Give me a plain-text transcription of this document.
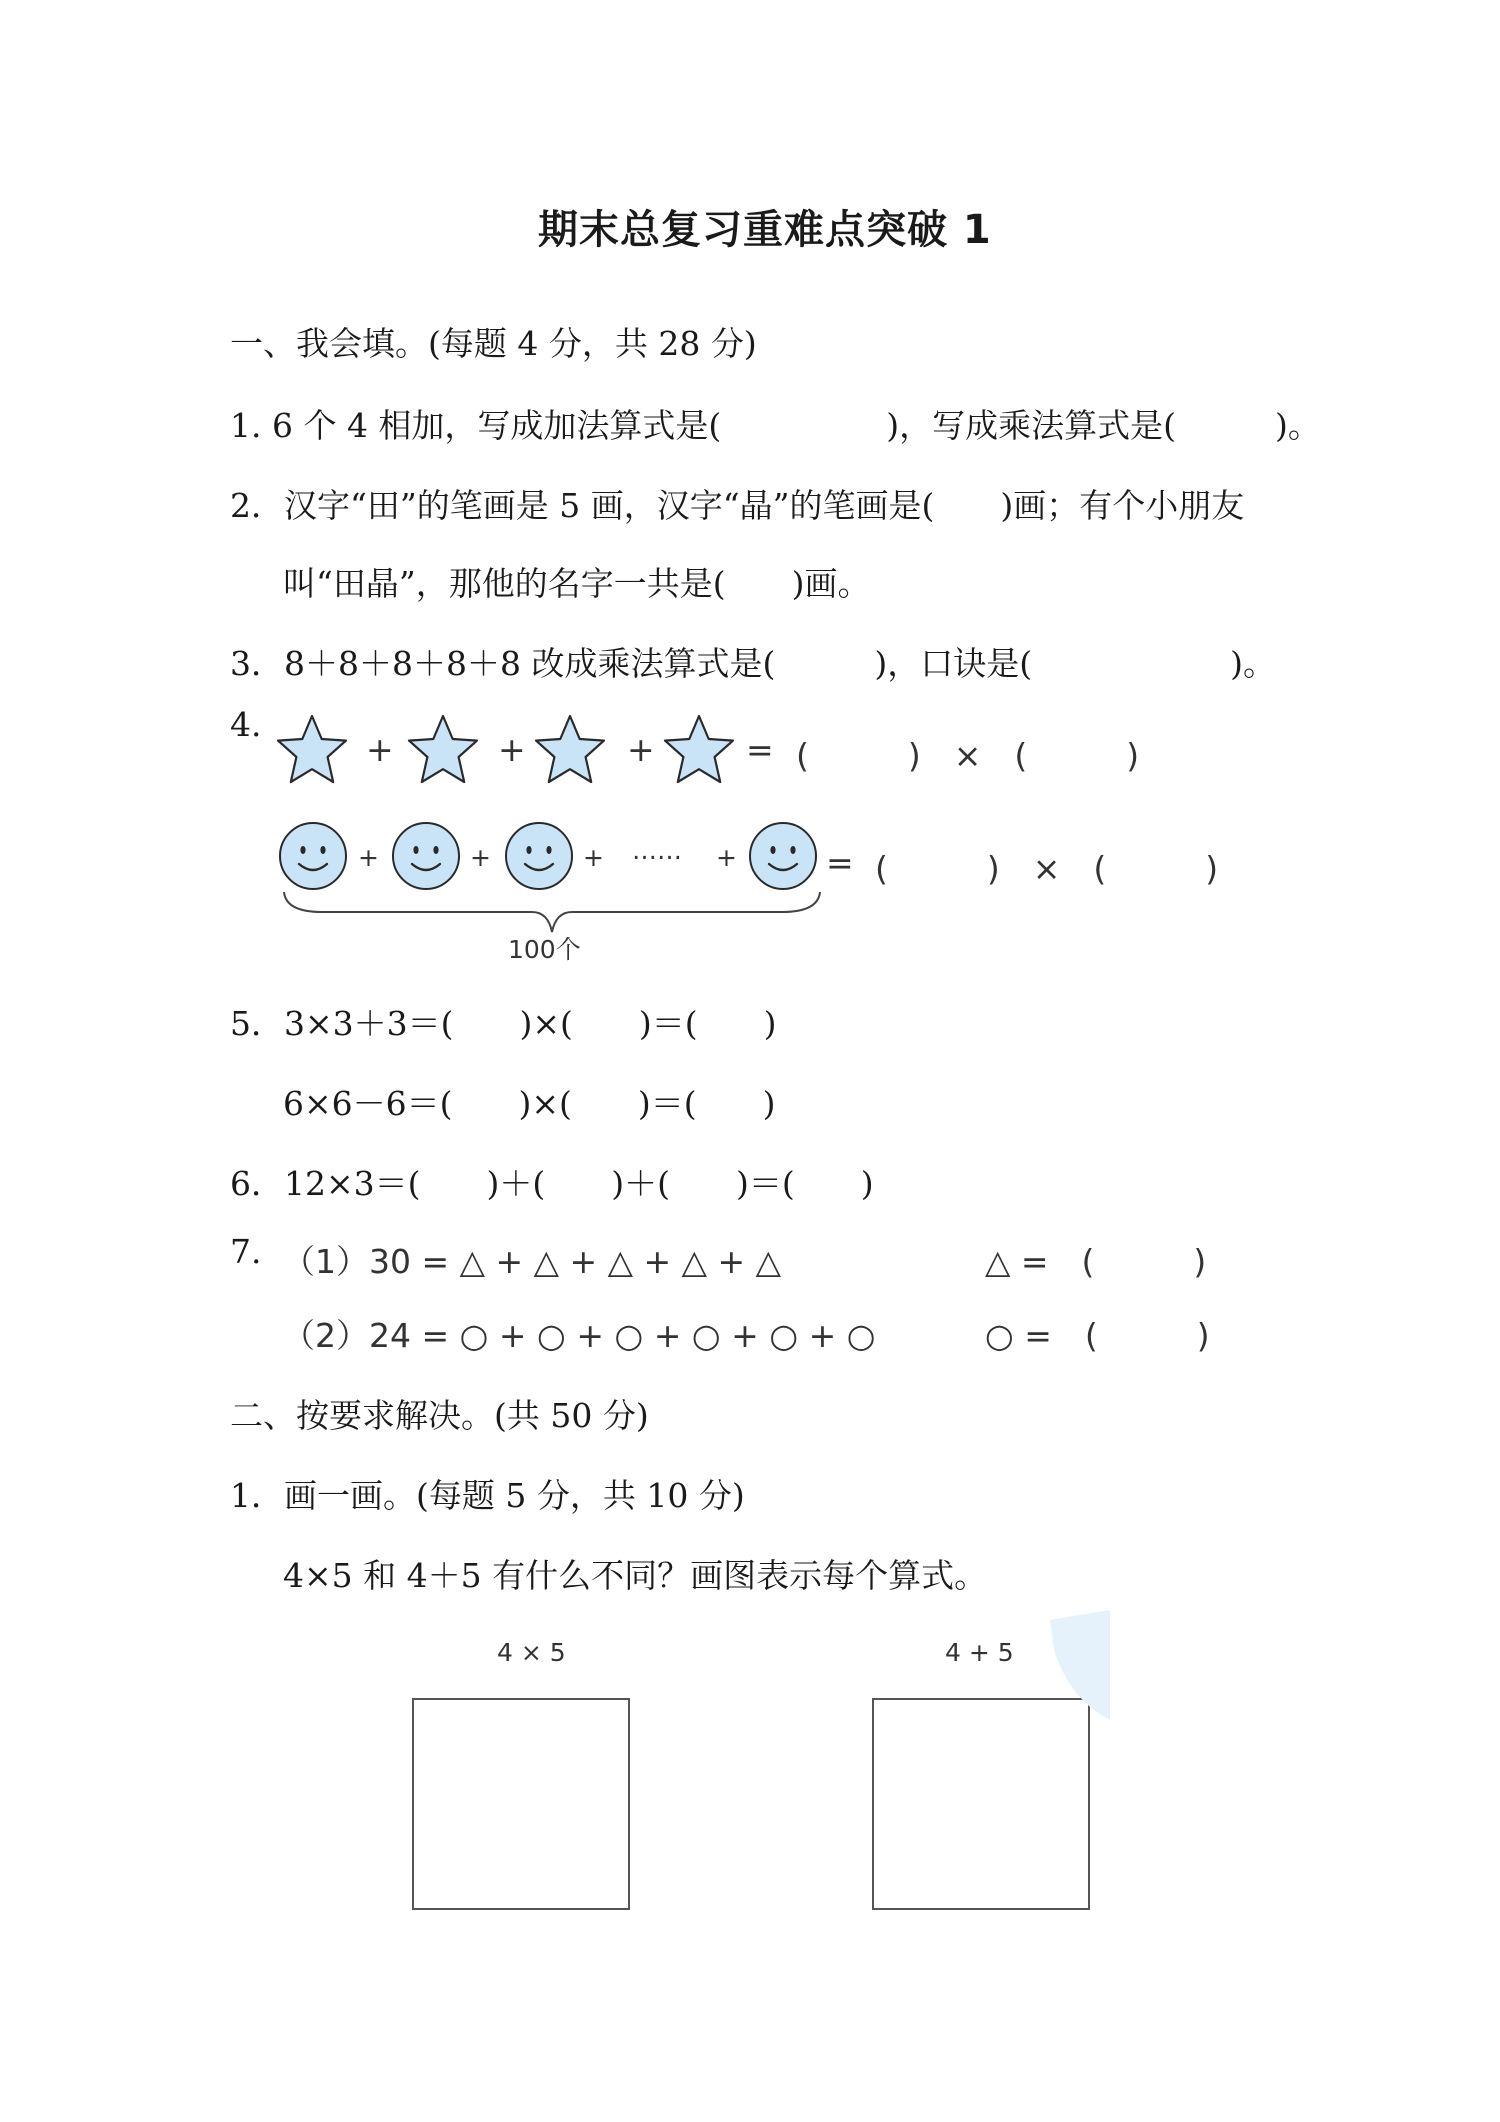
期末总复习重难点突破 1
一、我会填。(每题 4 分，共 28 分)
1. 6 个 4 相加，写成加法算式是(　　　　　)，写成乘法算式是(　　　)。
2．汉字“田”的笔画是 5 画，汉字“晶”的笔画是(　　)画；有个小朋友
叫“田晶”，那他的名字一共是(　　)画。
3．8＋8＋8＋8＋8 改成乘法算式是(　　　)，口诀是(　　　　　　)。
4.
+	+	+	= (　　　)　×　(　　　)
+	+	+ …… +	= (　　　)　×　(　　　)
100个
5．3×3＋3＝(　　)×(　　)＝(　　)
6×6－6＝(　　)×(　　)＝(　　)
6．12×3＝(　　)＋(　　)＋(　　)＝(　　)
7. （1）30 = △ + △ + △ + △ + △	△ =　(　　　)
（2）24 = ○ + ○ + ○ + ○ + ○ + ○	○ =　(　　　)
二、按要求解决。(共 50 分)
1．画一画。(每题 5 分，共 10 分)
4×5 和 4＋5 有什么不同？画图表示每个算式。
4 × 5	4 + 5
